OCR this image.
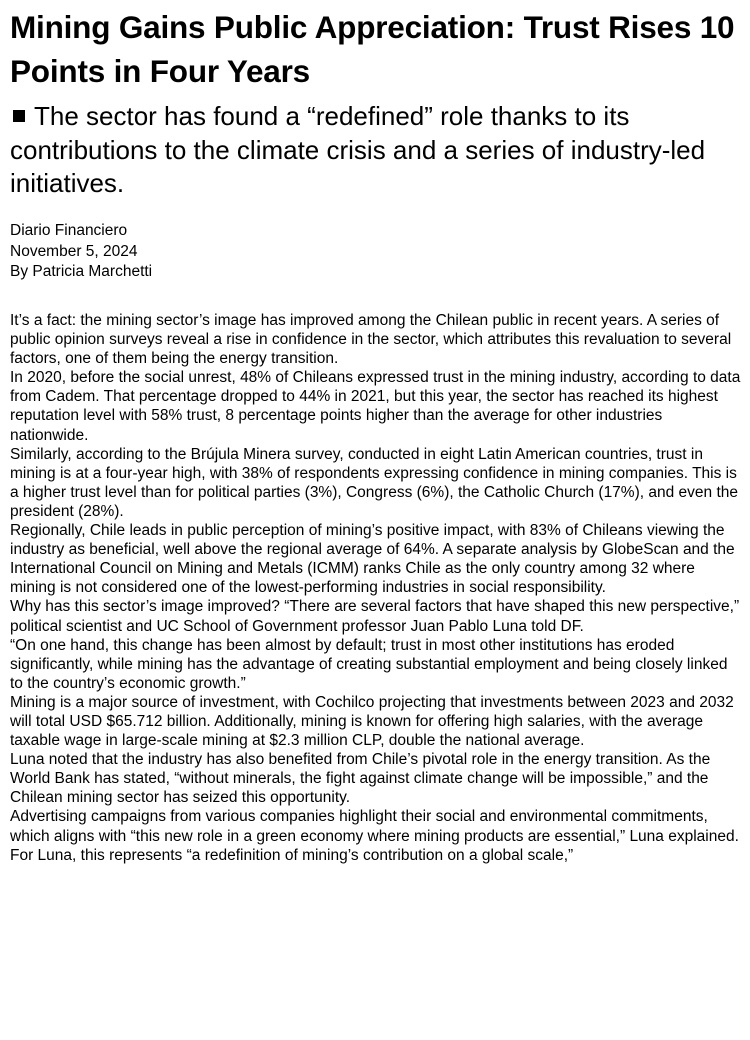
Mining Gains Public Appreciation: Trust Rises 10 Points in Four Years
The sector has found a “redefined” role thanks to its contributions to the climate crisis and a series of industry-led initiatives.
Diario Financiero
November 5, 2024
By Patricia Marchetti

It’s a fact: the mining sector’s image has improved among the Chilean public in recent years. A series of public opinion surveys reveal a rise in confidence in the sector, which attributes this revaluation to several factors, one of them being the energy transition.

In 2020, before the social unrest, 48% of Chileans expressed trust in the mining industry, according to data from Cadem. That percentage dropped to 44% in 2021, but this year, the sector has reached its highest reputation level with 58% trust, 8 percentage points higher than the average for other industries nationwide.

Similarly, according to the Brújula Minera survey, conducted in eight Latin American countries, trust in mining is at a four-year high, with 38% of respondents expressing confidence in mining companies. This is a higher trust level than for political parties (3%), Congress (6%), the Catholic Church (17%), and even the president (28%).

Regionally, Chile leads in public perception of mining’s positive impact, with 83% of Chileans viewing the industry as beneficial, well above the regional average of 64%. A separate analysis by GlobeScan and the International Council on Mining and Metals (ICMM) ranks Chile as the only country among 32 where mining is not considered one of the lowest-performing industries in social responsibility.

Why has this sector’s image improved? “There are several factors that have shaped this new perspective,” political scientist and UC School of Government professor Juan Pablo Luna told DF.

“On one hand, this change has been almost by default; trust in most other institutions has eroded significantly, while mining has the advantage of creating substantial employment and being closely linked to the country’s economic growth.”

Mining is a major source of investment, with Cochilco projecting that investments between 2023 and 2032 will total USD $65.712 billion. Additionally, mining is known for offering high salaries, with the average taxable wage in large-scale mining at $2.3 million CLP, double the national average.

Luna noted that the industry has also benefited from Chile’s pivotal role in the energy transition. As the World Bank has stated, “without minerals, the fight against climate change will be impossible,” and the Chilean mining sector has seized this opportunity.

Advertising campaigns from various companies highlight their social and environmental commitments, which aligns with “this new role in a green economy where mining products are essential,” Luna explained.

For Luna, this represents “a redefinition of mining’s contribution on a global scale,”
